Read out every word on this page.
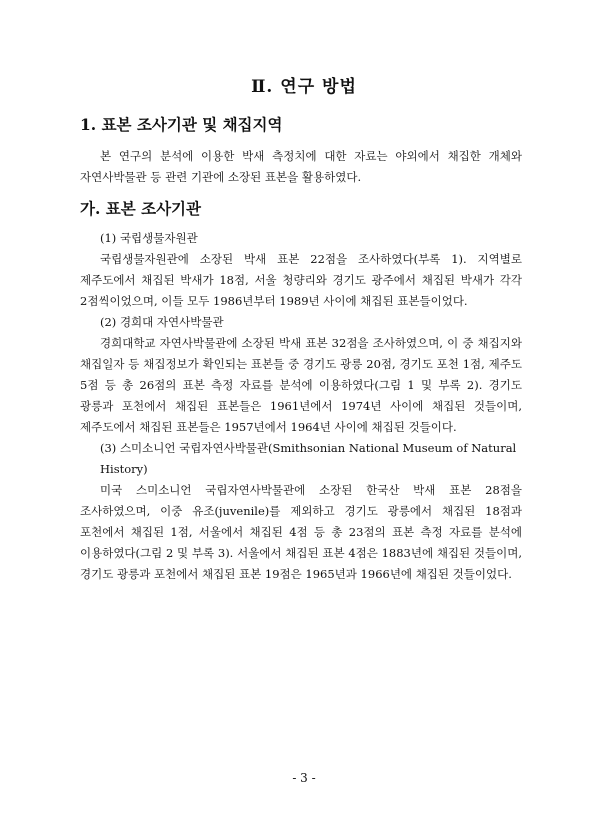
Ⅱ. 연구 방법
1. 표본 조사기관 및 채집지역

본 연구의 분석에 이용한 박새 측정치에 대한 자료는 야외에서 채집한 개체와 자연사박물관 등 관련 기관에 소장된 표본을 활용하였다.

가. 표본 조사기관

(1) 국립생물자원관

국립생물자원관에 소장된 박새 표본 22점을 조사하였다(부록 1). 지역별로 제주도에서 채집된 박새가 18점, 서울 청량리와 경기도 광주에서 채집된 박새가 각각 2점씩이었으며, 이들 모두 1986년부터 1989년 사이에 채집된 표본들이었다.

(2) 경희대 자연사박물관

경희대학교 자연사박물관에 소장된 박새 표본 32점을 조사하였으며, 이 중 채집지와 채집일자 등 채집정보가 확인되는 표본들 중 경기도 광릉 20점, 경기도 포천 1점, 제주도 5점 등 총 26점의 표본 측정 자료를 분석에 이용하였다(그림 1 및 부록 2). 경기도 광릉과 포천에서 채집된 표본들은 1961년에서 1974년 사이에 채집된 것들이며, 제주도에서 채집된 표본들은 1957년에서 1964년 사이에 채집된 것들이다.

(3) 스미소니언 국립자연사박물관(Smithsonian National Museum of Natural History)

미국 스미소니언 국립자연사박물관에 소장된 한국산 박새 표본 28점을 조사하였으며, 이중 유조(juvenile)를 제외하고 경기도 광릉에서 채집된 18점과 포천에서 채집된 1점, 서울에서 채집된 4점 등 총 23점의 표본 측정 자료를 분석에 이용하였다(그림 2 및 부록 3). 서울에서 채집된 표본 4점은 1883년에 채집된 것들이며, 경기도 광릉과 포천에서 채집된 표본 19점은 1965년과 1966년에 채집된 것들이었다.

- 3 -
